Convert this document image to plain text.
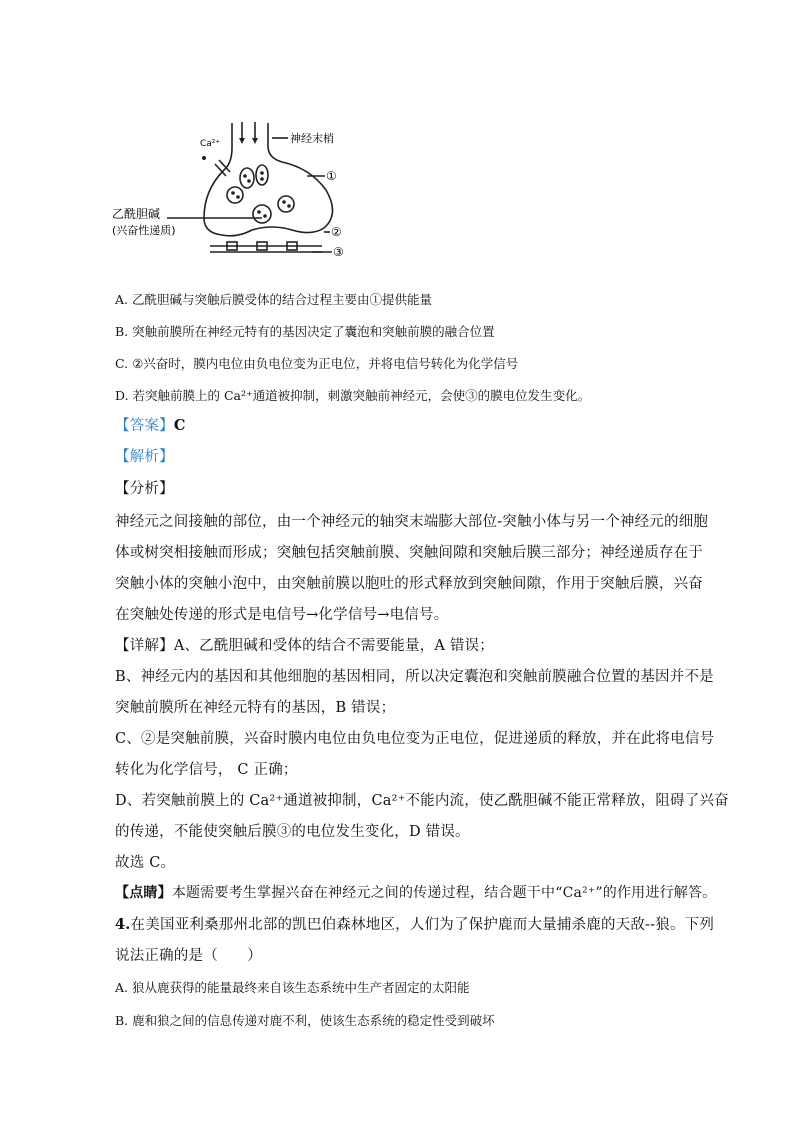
Ca²⁺	神经末梢
①
乙酰胆碱
(兴奋性递质)	②
③
A. 乙酰胆碱与突触后膜受体的结合过程主要由①提供能量
B. 突触前膜所在神经元特有的基因决定了囊泡和突触前膜的融合位置
C. ②兴奋时，膜内电位由负电位变为正电位，并将电信号转化为化学信号
D. 若突触前膜上的 Ca²⁺通道被抑制，刺激突触前神经元，会使③的膜电位发生变化。
【答案】C
【解析】
【分析】
神经元之间接触的部位，由一个神经元的轴突末端膨大部位-突触小体与另一个神经元的细胞
体或树突相接触而形成；突触包括突触前膜、突触间隙和突触后膜三部分；神经递质存在于
突触小体的突触小泡中，由突触前膜以胞吐的形式释放到突触间隙，作用于突触后膜，兴奋
在突触处传递的形式是电信号→化学信号→电信号。
【详解】A、乙酰胆碱和受体的结合不需要能量，A 错误；
B、神经元内的基因和其他细胞的基因相同，所以决定囊泡和突触前膜融合位置的基因并不是
突触前膜所在神经元特有的基因，B 错误；
C、②是突触前膜，兴奋时膜内电位由负电位变为正电位，促进递质的释放，并在此将电信号
转化为化学信号， C 正确；
D、若突触前膜上的 Ca²⁺通道被抑制，Ca²⁺不能内流，使乙酰胆碱不能正常释放，阻碍了兴奋
的传递，不能使突触后膜③的电位发生变化，D 错误。
故选 C。
【点睛】本题需要考生掌握兴奋在神经元之间的传递过程，结合题干中“Ca²⁺”的作用进行解答。
4.在美国亚利桑那州北部的凯巴伯森林地区，人们为了保护鹿而大量捕杀鹿的天敌--狼。下列
说法正确的是（　　）
A. 狼从鹿获得的能量最终来自该生态系统中生产者固定的太阳能
B. 鹿和狼之间的信息传递对鹿不利，使该生态系统的稳定性受到破坏
